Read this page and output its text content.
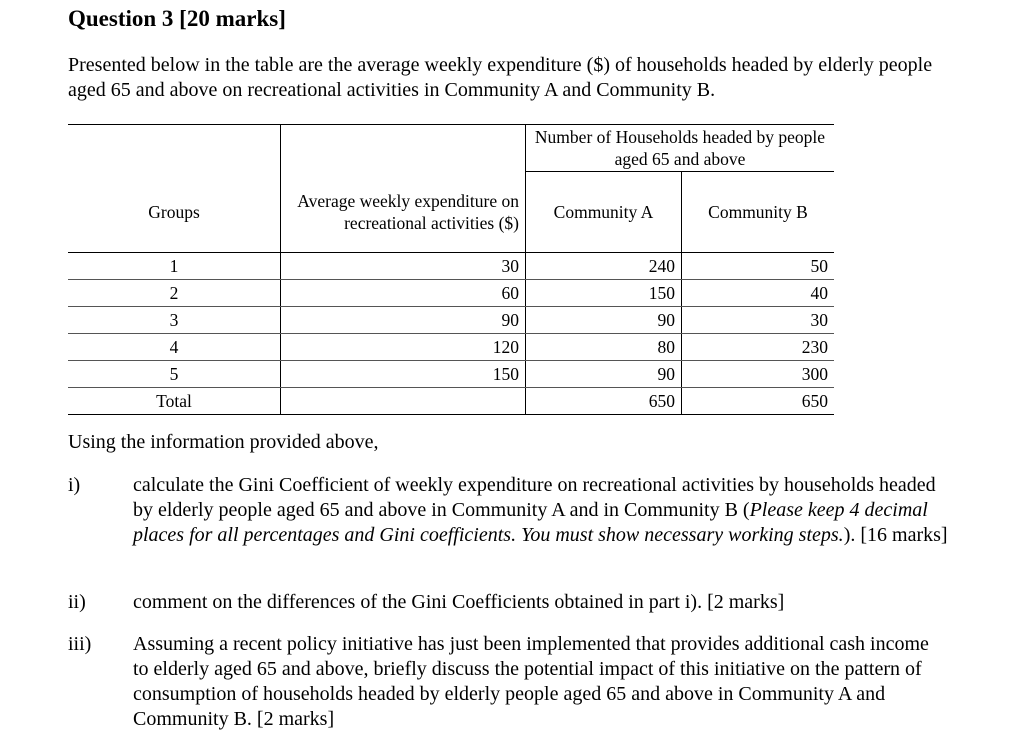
Question 3 [20 marks]

Presented below in the table are the average weekly expenditure ($) of households headed by elderly people aged 65 and above on recreational activities in Community A and Community B.

		Number of Households headed by people aged 65 and above	
Groups	Average weekly expenditure on recreational activities ($)	Community A	Community B
1	30	240	50
2	60	150	40
3	90	90	30
4	120	80	230
5	150	90	300
Total		650	650

Using the information provided above,

i)	calculate the Gini Coefficient of weekly expenditure on recreational activities by households headed by elderly people aged 65 and above in Community A and in Community B (Please keep 4 decimal places for all percentages and Gini coefficients. You must show necessary working steps.). [16 marks]
ii)	comment on the differences of the Gini Coefficients obtained in part i). [2 marks]
iii)	Assuming a recent policy initiative has just been implemented that provides additional cash income to elderly aged 65 and above, briefly discuss the potential impact of this initiative on the pattern of consumption of households headed by elderly people aged 65 and above in Community A and Community B. [2 marks]
